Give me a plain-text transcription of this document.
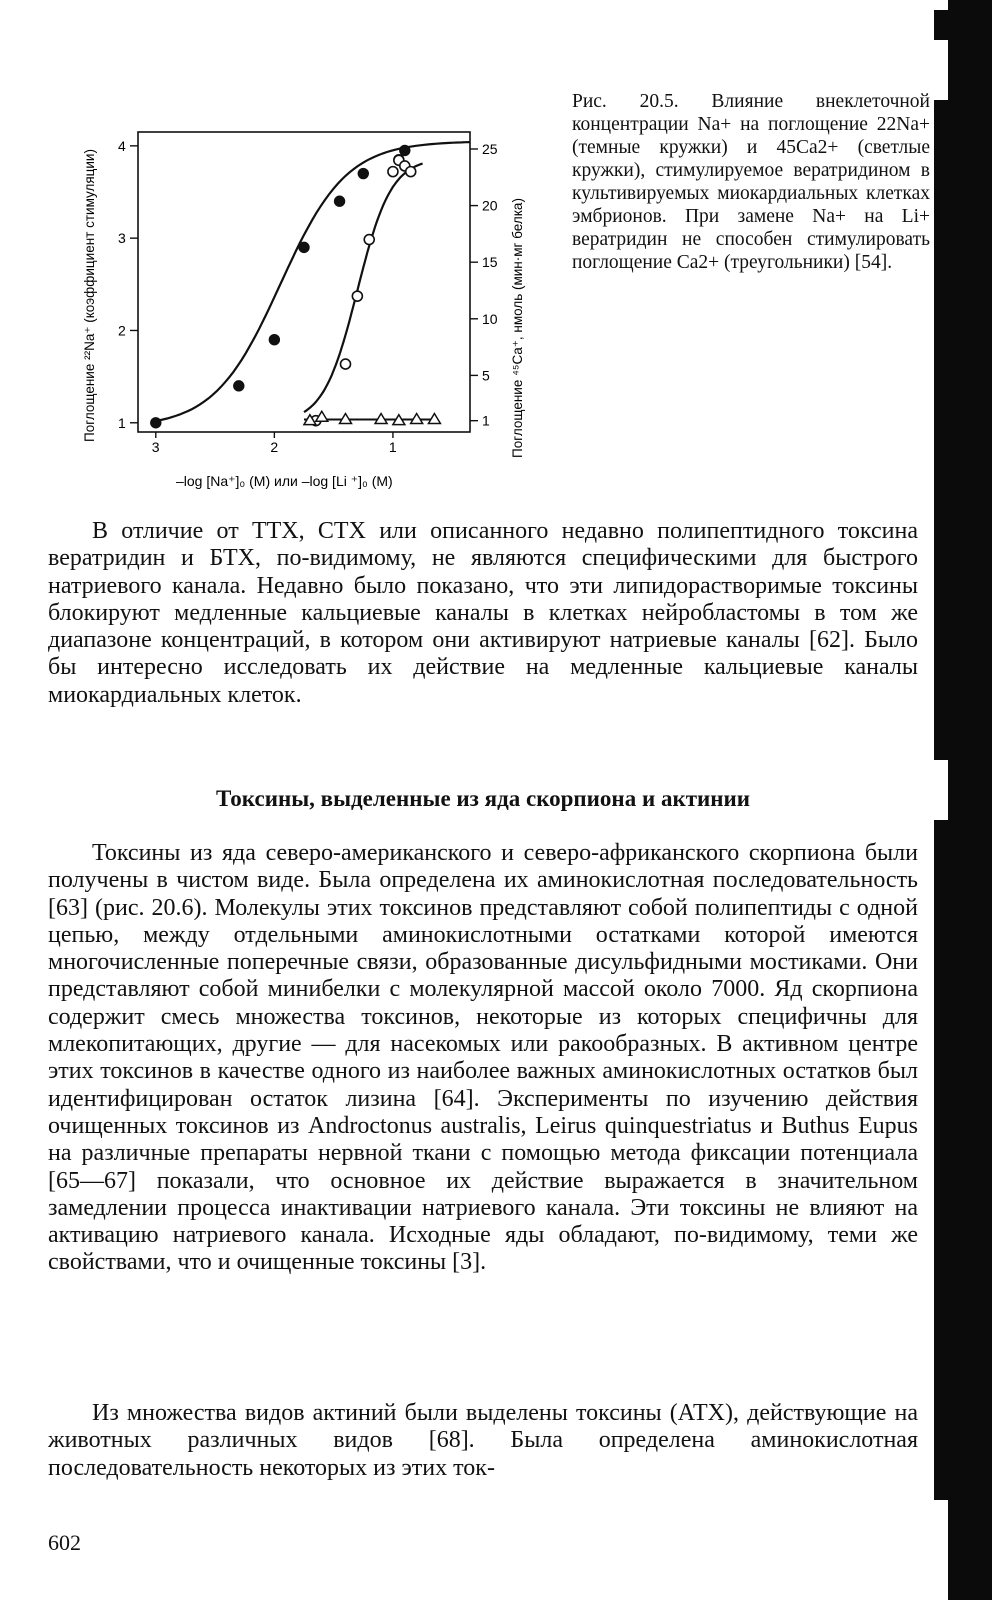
3	2	1
1
2
3
4
1
5
10
15
20
25
Поглощение ²²Na⁺ (коэффициент стимуляции)	Поглощение ⁴⁵Ca⁺, нмоль (мин·мг белка)
–log [Na⁺]₀ (M) или –log [Li ⁺]₀ (M)

Рис. 20.5. Влияние внеклеточной концентрации Na+ на поглощение 22Na+ (темные кружки) и 45Ca2+ (светлые кружки), стимулируемое вератридином в культивируемых миокардиальных клетках эмбрионов. При замене Na+ на Li+ вератридин не способен стимулировать поглощение Ca2+ (треугольники) [54].

В отличие от ТТХ, СТХ или описанного недавно полипептидного токсина вератридин и БТХ, по-видимому, не являются специфическими для быстрого натриевого канала. Недавно было показано, что эти липидорастворимые токсины блокируют медленные кальциевые каналы в клетках нейробластомы в том же диапазоне концентраций, в котором они активируют натриевые каналы [62]. Было бы интересно исследовать их действие на медленные кальциевые каналы миокардиальных клеток.

Токсины, выделенные из яда скорпиона и актинии

Токсины из яда северо-американского и северо-африканского скорпиона были получены в чистом виде. Была определена их аминокислотная последовательность [63] (рис. 20.6). Молекулы этих токсинов представляют собой полипептиды с одной цепью, между отдельными аминокислотными остатками которой имеются многочисленные поперечные связи, образованные дисульфидными мостиками. Они представляют собой минибелки с молекулярной массой около 7000. Яд скорпиона содержит смесь множества токсинов, некоторые из которых специфичны для млекопитающих, другие — для насекомых или ракообразных. В активном центре этих токсинов в качестве одного из наиболее важных аминокислотных остатков был идентифицирован остаток лизина [64]. Эксперименты по изучению действия очищенных токсинов из Androctonus australis, Leirus quinquestriatus и Buthus Eupus на различные препараты нервной ткани с помощью метода фиксации потенциала [65—67] показали, что основное их действие выражается в значительном замедлении процесса инактивации натриевого канала. Эти токсины не влияют на активацию натриевого канала. Исходные яды обладают, по-видимому, теми же свойствами, что и очищенные токсины [3].

Из множества видов актиний были выделены токсины (АТХ), действующие на животных различных видов [68]. Была определена аминокислотная последовательность некоторых из этих ток-

602
